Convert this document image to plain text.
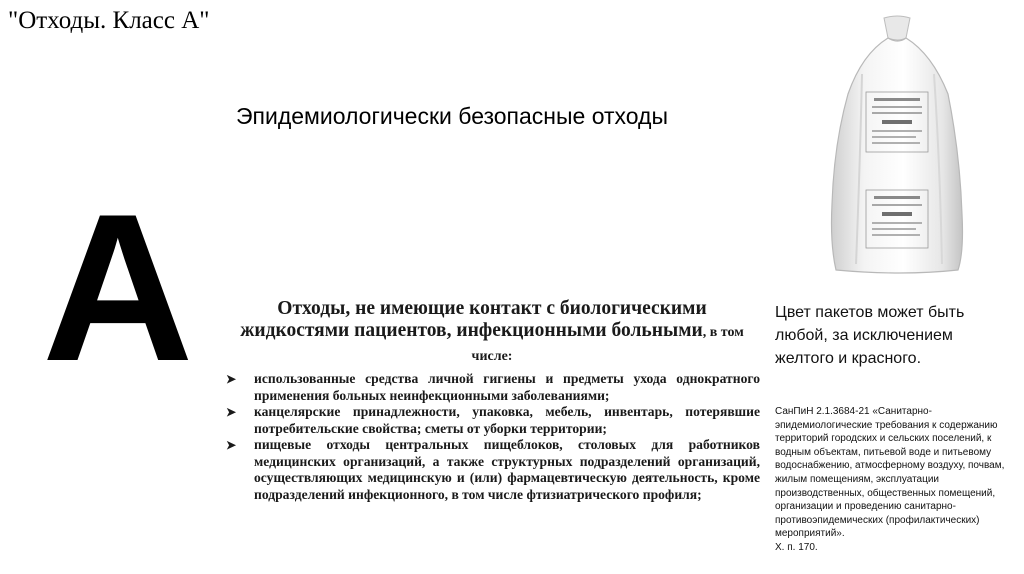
"Отходы. Класс А"
Эпидемиологически безопасные отходы
А	Отходы, не имеющие контакт с биологическими жидкостями пациентов, инфекционными больными, в том числе:
➤ использованные средства личной гигиены и предметы ухода однократного применения больных неинфекционными заболеваниями;
➤ канцелярские принадлежности, упаковка, мебель, инвентарь, потерявшие потребительские свойства; сметы от уборки территории;
➤ пищевые отходы центральных пищеблоков, столовых для работников медицинских организаций, а также структурных подразделений организаций, осуществляющих медицинскую и (или) фармацевтическую деятельность, кроме подразделений инфекционного, в том числе фтизиатрического профиля;
Цвет пакетов может быть любой, за исключением желтого и красного.
СанПиН 2.1.3684-21 «Санитарно-эпидемиологические требования к содержанию территорий городских и сельских поселений, к водным объектам, питьевой воде и питьевому водоснабжению, атмосферному воздуху, почвам, жилым помещениям, эксплуатации производственных, общественных помещений, организации и проведению санитарно-противоэпидемических (профилактических) мероприятий».
Х. п. 170.
